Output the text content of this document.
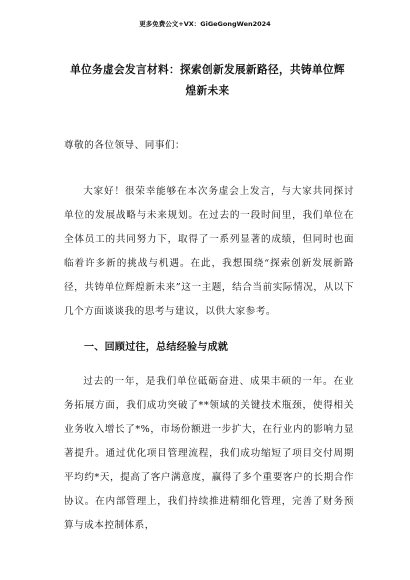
更多免费公文+VX：GiGeGongWen2024
单位务虚会发言材料：探索创新发展新路径，共铸单位辉煌新未来

尊敬的各位领导、同事们：

大家好！很荣幸能够在本次务虚会上发言，与大家共同探讨单位的发展战略与未来规划。在过去的一段时间里，我们单位在全体员工的共同努力下，取得了一系列显著的成绩，但同时也面临着许多新的挑战与机遇。在此，我想围绕“探索创新发展新路径，共铸单位辉煌新未来”这一主题，结合当前实际情况，从以下几个方面谈谈我的思考与建议，以供大家参考。

一、回顾过往，总结经验与成就

过去的一年，是我们单位砥砺奋进、成果丰硕的一年。在业务拓展方面，我们成功突破了**领域的关键技术瓶颈，使得相关业务收入增长了*%，市场份额进一步扩大，在行业内的影响力显著提升。通过优化项目管理流程，我们成功缩短了项目交付周期平均约*天，提高了客户满意度，赢得了多个重要客户的长期合作协议。在内部管理上，我们持续推进精细化管理，完善了财务预算与成本控制体系，
